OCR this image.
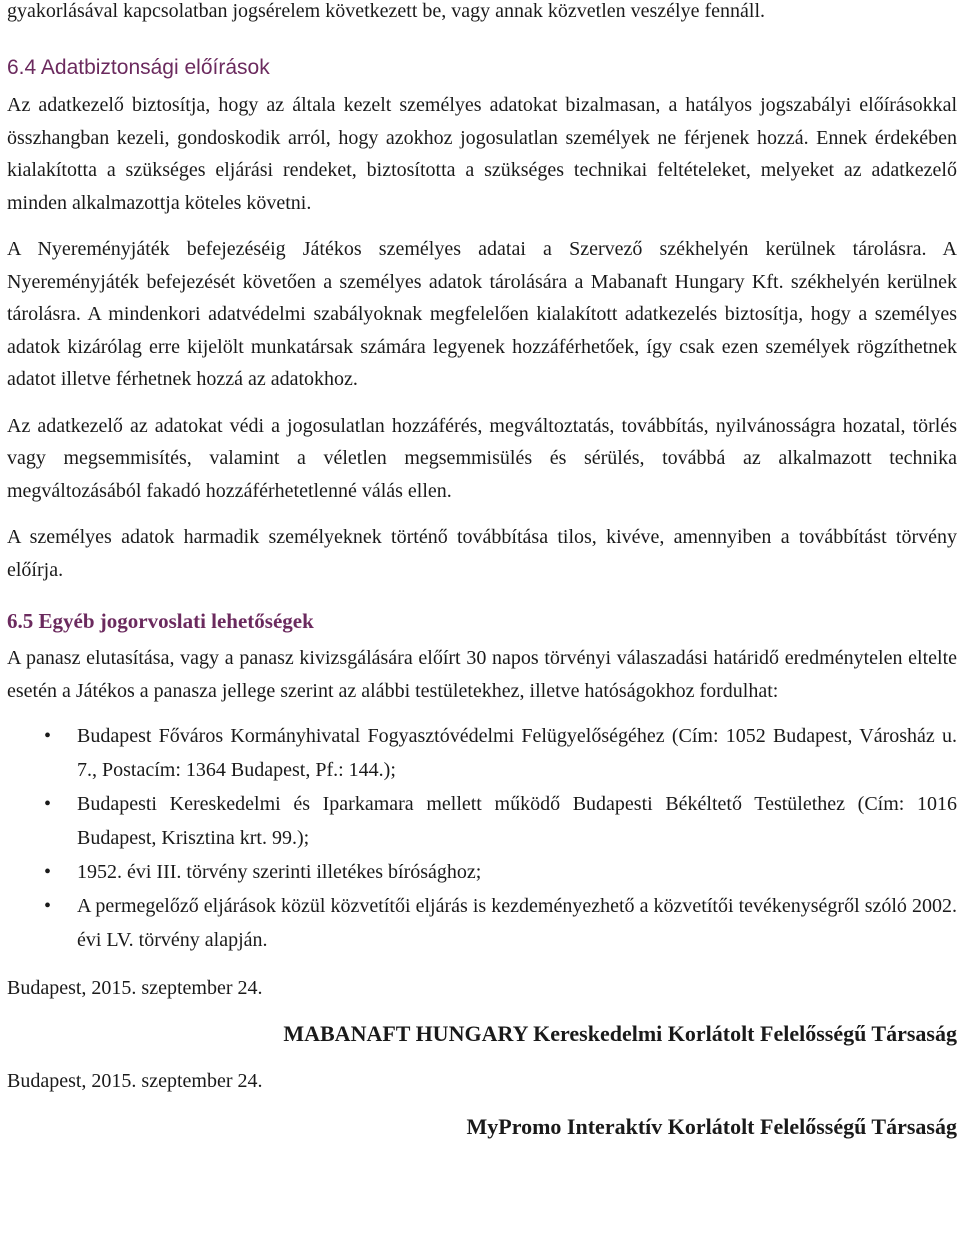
gyakorlásával kapcsolatban jogsérelem következett be, vagy annak közvetlen veszélye fennáll.

6.4 Adatbiztonsági előírások

Az adatkezelő biztosítja, hogy az általa kezelt személyes adatokat bizalmasan, a hatályos jogszabályi előírásokkal összhangban kezeli, gondoskodik arról, hogy azokhoz jogosulatlan személyek ne férjenek hozzá. Ennek érdekében kialakította a szükséges eljárási rendeket, biztosította a szükséges technikai feltételeket, melyeket az adatkezelő minden alkalmazottja köteles követni.

A Nyereményjáték befejezéséig Játékos személyes adatai a Szervező székhelyén kerülnek tárolásra. A Nyereményjáték befejezését követően a személyes adatok tárolására a Mabanaft Hungary Kft. székhelyén kerülnek tárolásra. A mindenkori adatvédelmi szabályoknak megfelelően kialakított adatkezelés biztosítja, hogy a személyes adatok kizárólag erre kijelölt munkatársak számára legyenek hozzáférhetőek, így csak ezen személyek rögzíthetnek adatot illetve férhetnek hozzá az adatokhoz.

Az adatkezelő az adatokat védi a jogosulatlan hozzáférés, megváltoztatás, továbbítás, nyilvánosságra hozatal, törlés vagy megsemmisítés, valamint a véletlen megsemmisülés és sérülés, továbbá az alkalmazott technika megváltozásából fakadó hozzáférhetetlenné válás ellen.

A személyes adatok harmadik személyeknek történő továbbítása tilos, kivéve, amennyiben a továbbítást törvény előírja.

6.5 Egyéb jogorvoslati lehetőségek

A panasz elutasítása, vagy a panasz kivizsgálására előírt 30 napos törvényi válaszadási határidő eredménytelen eltelte esetén a Játékos a panasza jellege szerint az alábbi testületekhez, illetve hatóságokhoz fordulhat:

• Budapest Főváros Kormányhivatal Fogyasztóvédelmi Felügyelőségéhez (Cím: 1052 Budapest, Városház u. 7., Postacím: 1364 Budapest, Pf.: 144.);
• Budapesti Kereskedelmi és Iparkamara mellett működő Budapesti Békéltető Testülethez (Cím: 1016 Budapest, Krisztina krt. 99.);
• 1952. évi III. törvény szerinti illetékes bírósághoz;
• A permegelőző eljárások közül közvetítői eljárás is kezdeményezhető a közvetítői tevékenységről szóló 2002. évi LV. törvény alapján.

Budapest, 2015. szeptember 24.

MABANAFT HUNGARY Kereskedelmi Korlátolt Felelősségű Társaság

Budapest, 2015. szeptember 24.

MyPromo Interaktív Korlátolt Felelősségű Társaság
